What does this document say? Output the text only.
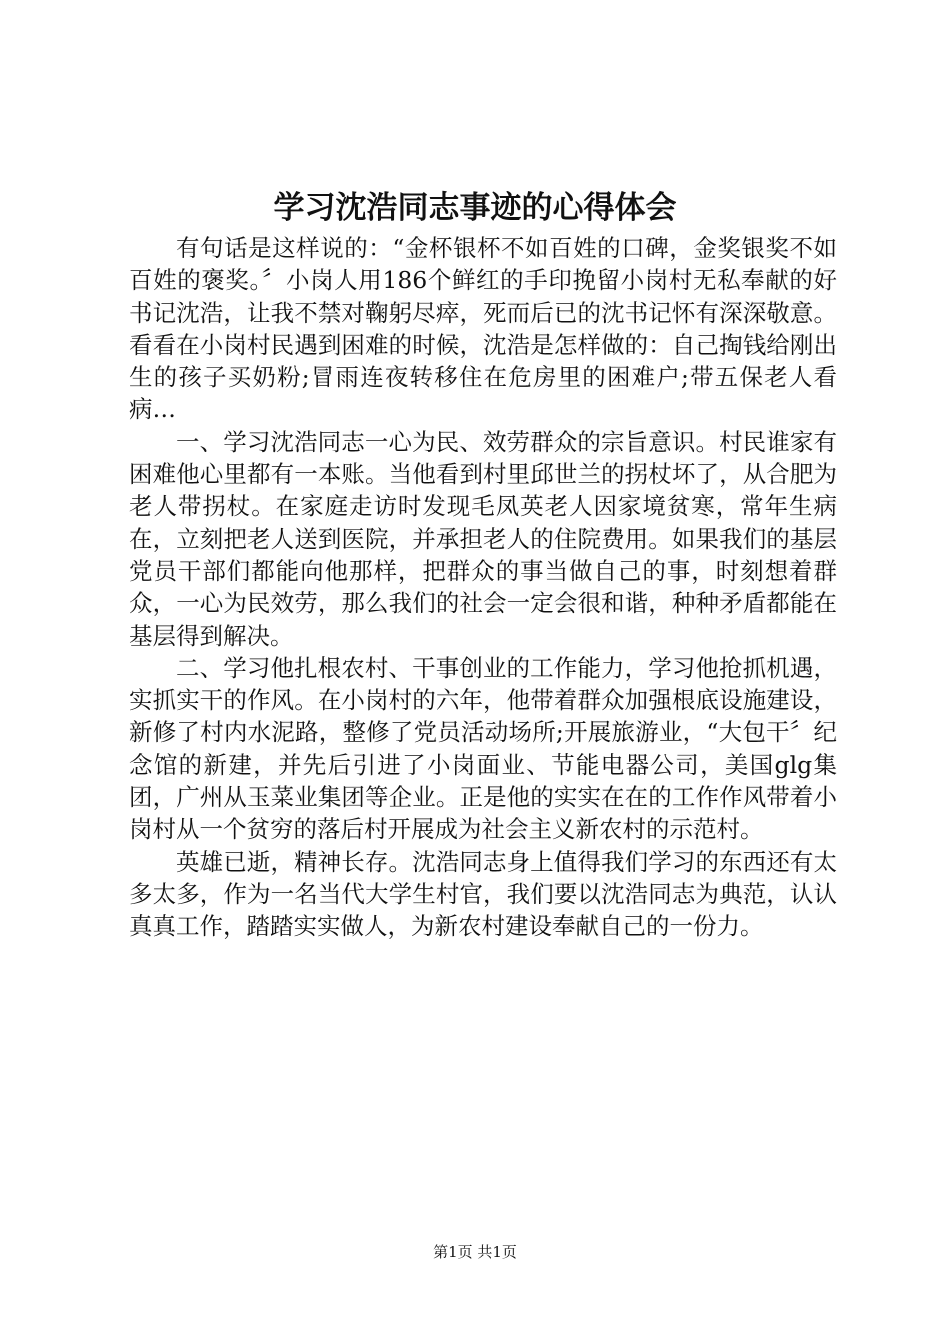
学习沈浩同志事迹的心得体会

有句话是这样说的：“金杯银杯不如百姓的口碑，金奖银奖不如百姓的褒奖。〞小岗人用186个鲜红的手印挽留小岗村无私奉献的好书记沈浩，让我不禁对鞠躬尽瘁，死而后已的沈书记怀有深深敬意。看看在小岗村民遇到困难的时候，沈浩是怎样做的：自己掏钱给刚出生的孩子买奶粉;冒雨连夜转移住在危房里的困难户;带五保老人看病…

一、学习沈浩同志一心为民、效劳群众的宗旨意识。村民谁家有困难他心里都有一本账。当他看到村里邱世兰的拐杖坏了，从合肥为老人带拐杖。在家庭走访时发现毛凤英老人因家境贫寒，常年生病在，立刻把老人送到医院，并承担老人的住院费用。如果我们的基层党员干部们都能向他那样，把群众的事当做自己的事，时刻想着群众，一心为民效劳，那么我们的社会一定会很和谐，种种矛盾都能在基层得到解决。

二、学习他扎根农村、干事创业的工作能力，学习他抢抓机遇，实抓实干的作风。在小岗村的六年，他带着群众加强根底设施建设，新修了村内水泥路，整修了党员活动场所;开展旅游业，“大包干〞纪念馆的新建，并先后引进了小岗面业、节能电器公司，美国glg集团，广州从玉菜业集团等企业。正是他的实实在在的工作作风带着小岗村从一个贫穷的落后村开展成为社会主义新农村的示范村。

英雄已逝，精神长存。沈浩同志身上值得我们学习的东西还有太多太多，作为一名当代大学生村官，我们要以沈浩同志为典范，认认真真工作，踏踏实实做人，为新农村建设奉献自己的一份力。

第1页 共1页
